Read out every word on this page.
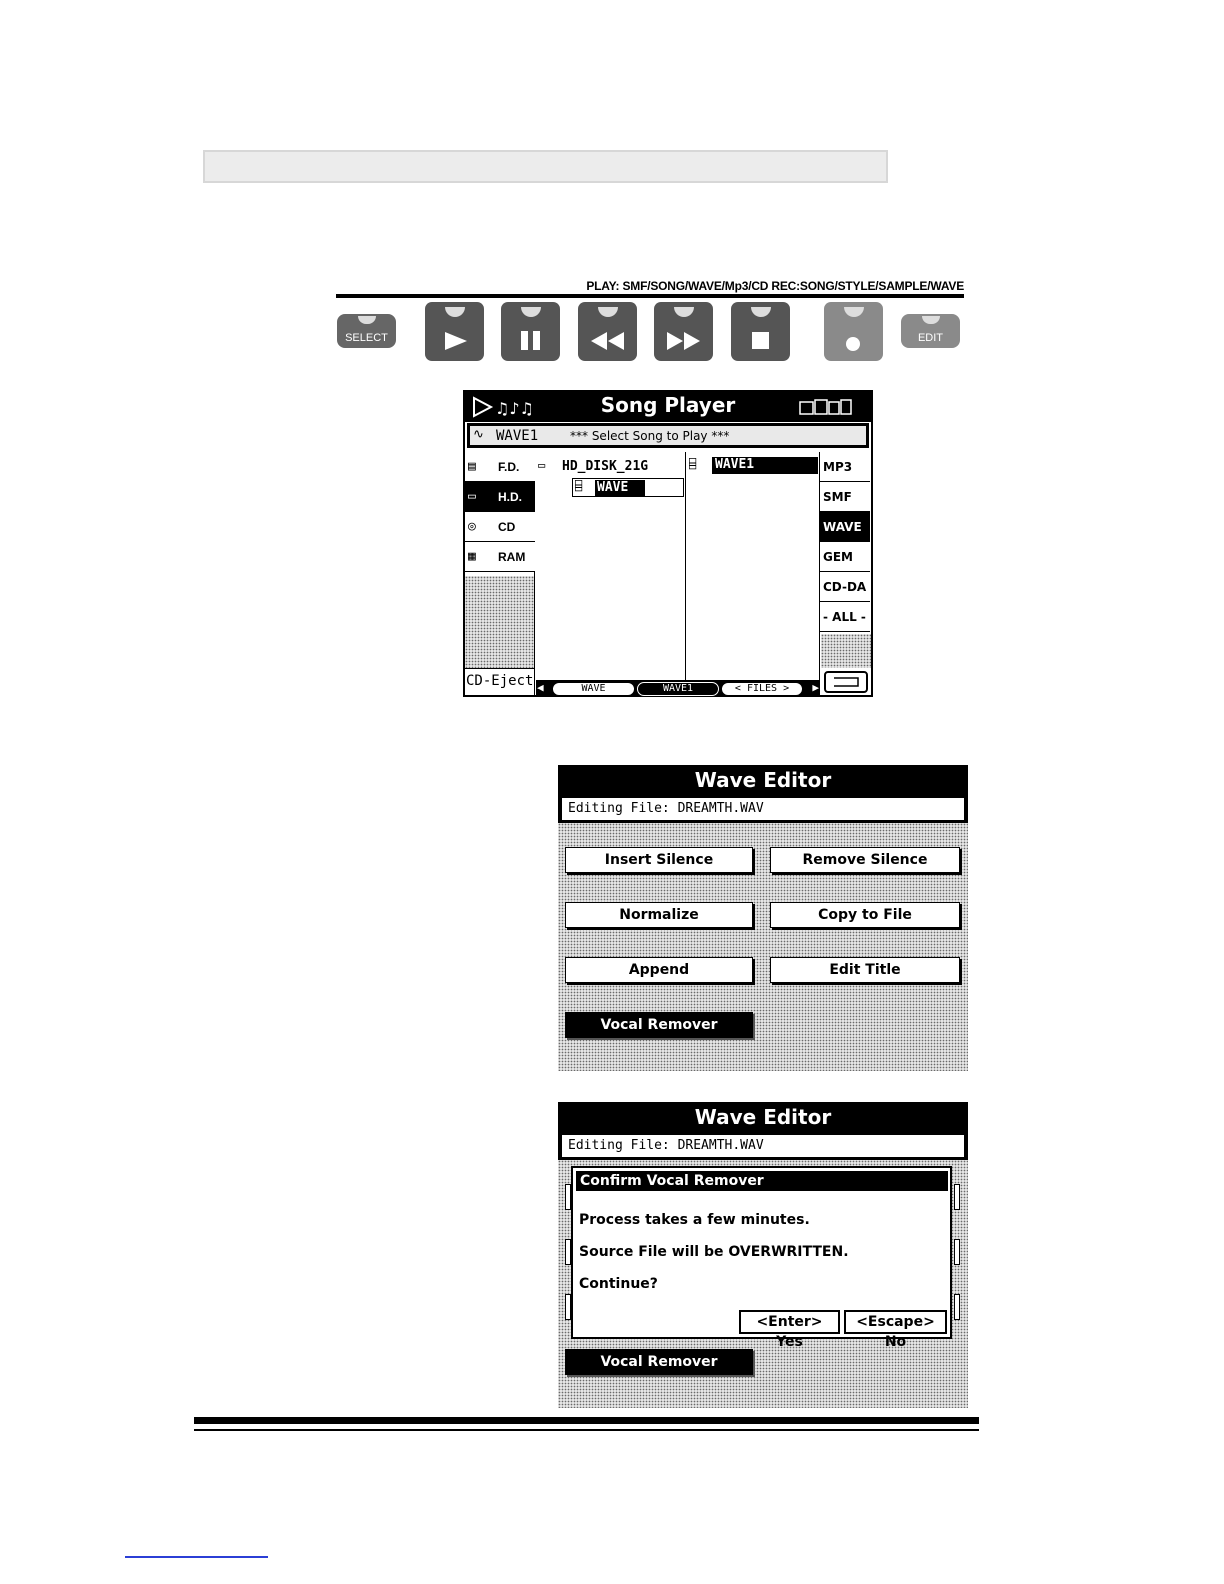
PLAY: SMF/SONG/WAVE/Mp3/CD REC:SONG/STYLE/SAMPLE/WAVE
SELECT	EDIT
♫♪♫	Song Player
∿ WAVE1	*** Select Song to Play ***
▤ F.D.
▭ H.D.
◎ CD
▦ RAM
CD-Eject
▭ HD_DISK_21G
⌸ WAVE
⌸ WAVE1	MP3
SMF
WAVE
GEM
CD-DA
- ALL -
◀	▶
WAVE	WAVE1	< FILES >
Wave Editor
Editing File: DREAMTH.WAV
Insert Silence	Remove Silence
Normalize	Copy to File
Append	Edit Title
Vocal Remover
Wave Editor
Editing File: DREAMTH.WAV
Confirm Vocal Remover
Process takes a few minutes.
Source File will be OVERWRITTEN.
Continue?
<Enter> Yes
<Escape> No
Vocal Remover
